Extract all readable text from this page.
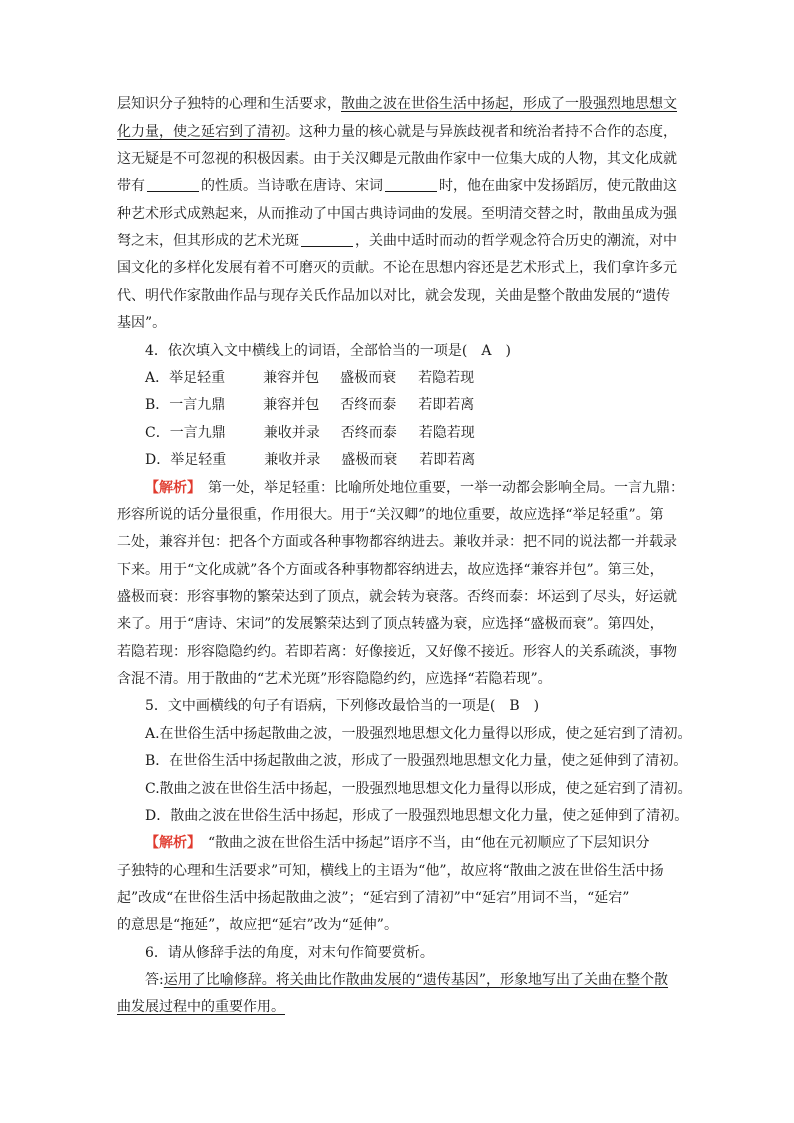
层知识分子独特的心理和生活要求，散曲之波在世俗生活中扬起，形成了一股强烈地思想文
化力量，使之延宕到了清初。这种力量的核心就是与异族歧视者和统治者持不合作的态度，
这无疑是不可忽视的积极因素。由于关汉卿是元散曲作家中一位集大成的人物，其文化成就
带有	的性质。当诗歌在唐诗、宋词	时，他在曲家中发扬蹈厉，使元散曲这
种艺术形式成熟起来，从而推动了中国古典诗词曲的发展。至明清交替之时，散曲虽成为强
弩之末，但其形成的艺术光斑	，关曲中适时而动的哲学观念符合历史的潮流，对中
国文化的多样化发展有着不可磨灭的贡献。不论在思想内容还是艺术形式上，我们拿许多元
代、明代作家散曲作品与现存关氏作品加以对比，就会发现，关曲是整个散曲发展的“遗传
基因”。
4．依次填入文中横线上的词语，全部恰当的一项是(　A　)
A．举足轻重	兼容并包 盛极而衰 若隐若现
B．一言九鼎	兼容并包 否终而泰 若即若离
C．一言九鼎	兼收并录 否终而泰 若隐若现
D．举足轻重	兼收并录 盛极而衰 若即若离
【解析】　第一处，举足轻重：比喻所处地位重要，一举一动都会影响全局。一言九鼎：
形容所说的话分量很重，作用很大。用于“关汉卿”的地位重要，故应选择“举足轻重”。第
二处，兼容并包：把各个方面或各种事物都容纳进去。兼收并录：把不同的说法都一并载录
下来。用于“文化成就”各个方面或各种事物都容纳进去，故应选择“兼容并包”。第三处，
盛极而衰：形容事物的繁荣达到了顶点，就会转为衰落。否终而泰：坏运到了尽头，好运就
来了。用于“唐诗、宋词”的发展繁荣达到了顶点转盛为衰，应选择“盛极而衰”。第四处，
若隐若现：形容隐隐约约。若即若离：好像接近，又好像不接近。形容人的关系疏淡，事物
含混不清。用于散曲的“艺术光斑”形容隐隐约约，应选择“若隐若现”。
5．文中画横线的句子有语病，下列修改最恰当的一项是(　B　)
A.在世俗生活中扬起散曲之波，一股强烈地思想文化力量得以形成，使之延宕到了清初。
B．在世俗生活中扬起散曲之波，形成了一股强烈地思想文化力量，使之延伸到了清初。
C.散曲之波在世俗生活中扬起，一股强烈地思想文化力量得以形成，使之延宕到了清初。
D．散曲之波在世俗生活中扬起，形成了一股强烈地思想文化力量，使之延伸到了清初。
【解析】　“散曲之波在世俗生活中扬起”语序不当，由“他在元初顺应了下层知识分
子独特的心理和生活要求”可知，横线上的主语为“他”，故应将“散曲之波在世俗生活中扬
起”改成“在世俗生活中扬起散曲之波”；“延宕到了清初”中“延宕”用词不当，“延宕”
的意思是“拖延”，故应把“延宕”改为“延伸”。
6．请从修辞手法的角度，对末句作简要赏析。
答:运用了比喻修辞。将关曲比作散曲发展的“遗传基因”，形象地写出了关曲在整个散
曲发展过程中的重要作用。
